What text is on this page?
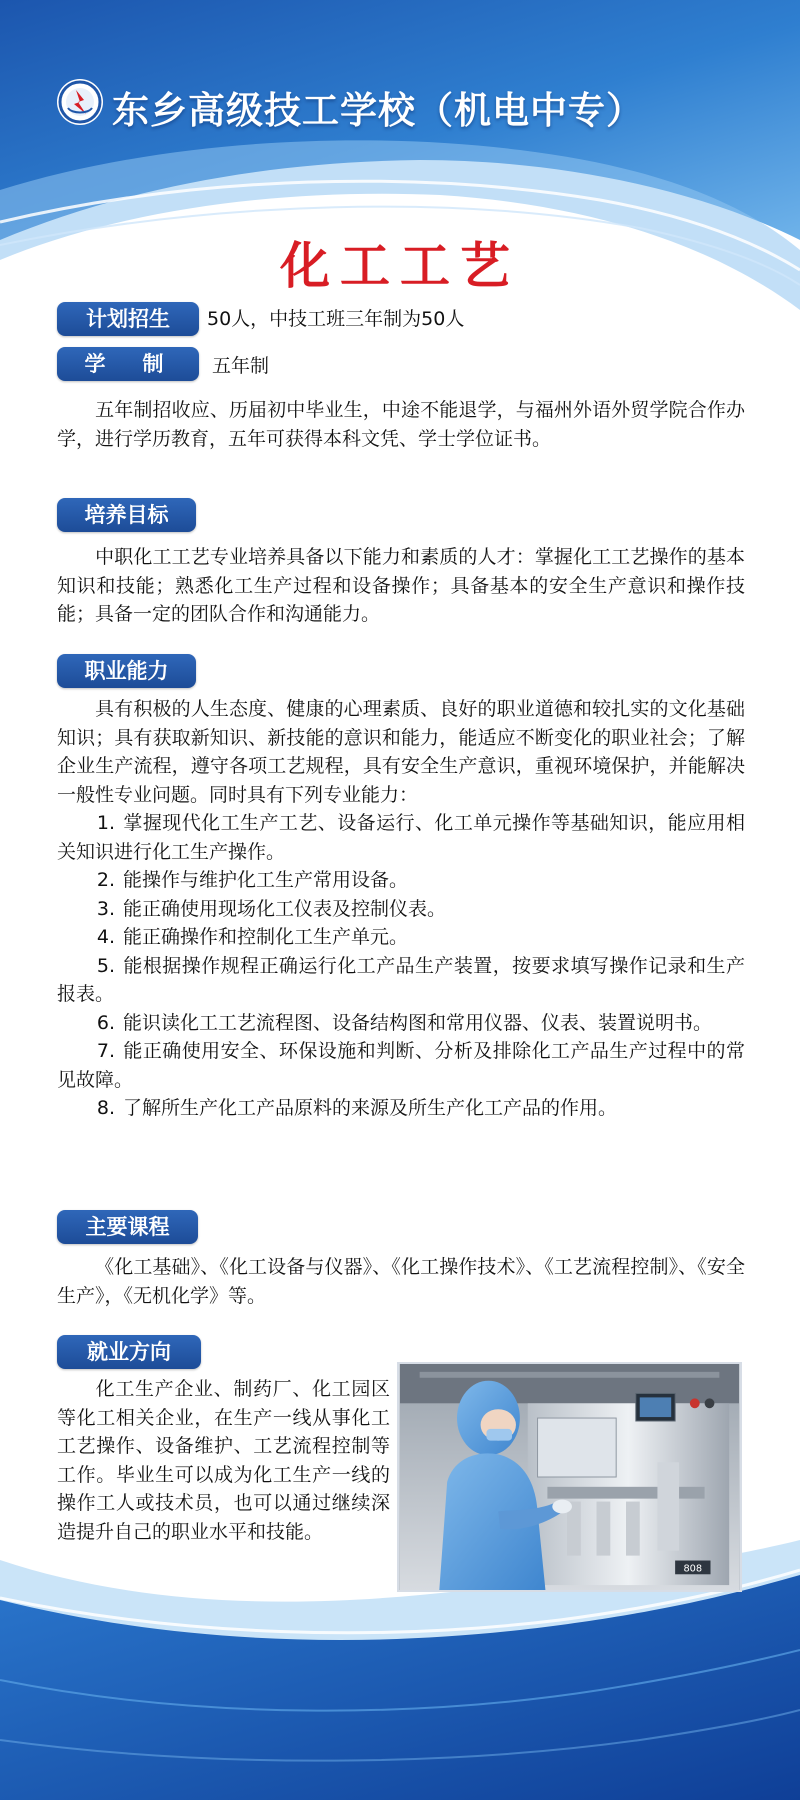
东乡高级技工学校（机电中专）
化工工艺
计划招生	50人，中技工班三年制为50人
学　制	五年制
五年制招收应、历届初中毕业生，中途不能退学，与福州外语外贸学院合作办学，进行学历教育，五年可获得本科文凭、学士学位证书。
培养目标
中职化工工艺专业培养具备以下能力和素质的人才：掌握化工工艺操作的基本知识和技能；熟悉化工生产过程和设备操作；具备基本的安全生产意识和操作技能；具备一定的团队合作和沟通能力。
职业能力

具有积极的人生态度、健康的心理素质、良好的职业道德和较扎实的文化基础知识；具有获取新知识、新技能的意识和能力，能适应不断变化的职业社会；了解企业生产流程，遵守各项工艺规程，具有安全生产意识，重视环境保护，并能解决一般性专业问题。同时具有下列专业能力：

1. 掌握现代化工生产工艺、设备运行、化工单元操作等基础知识，能应用相关知识进行化工生产操作。

2. 能操作与维护化工生产常用设备。

3. 能正确使用现场化工仪表及控制仪表。

4. 能正确操作和控制化工生产单元。

5. 能根据操作规程正确运行化工产品生产装置，按要求填写操作记录和生产报表。

6. 能识读化工工艺流程图、设备结构图和常用仪器、仪表、装置说明书。

7. 能正确使用安全、环保设施和判断、分析及排除化工产品生产过程中的常见故障。

8. 了解所生产化工产品原料的来源及所生产化工产品的作用。

主要课程
《化工基础》、《化工设备与仪器》、《化工操作技术》、《工艺流程控制》、《安全生产》，《无机化学》等。
就业方向
化工生产企业、制药厂、化工园区等化工相关企业，在生产一线从事化工工艺操作、设备维护、工艺流程控制等工作。毕业生可以成为化工生产一线的操作工人或技术员，也可以通过继续深造提升自己的职业水平和技能。
808
